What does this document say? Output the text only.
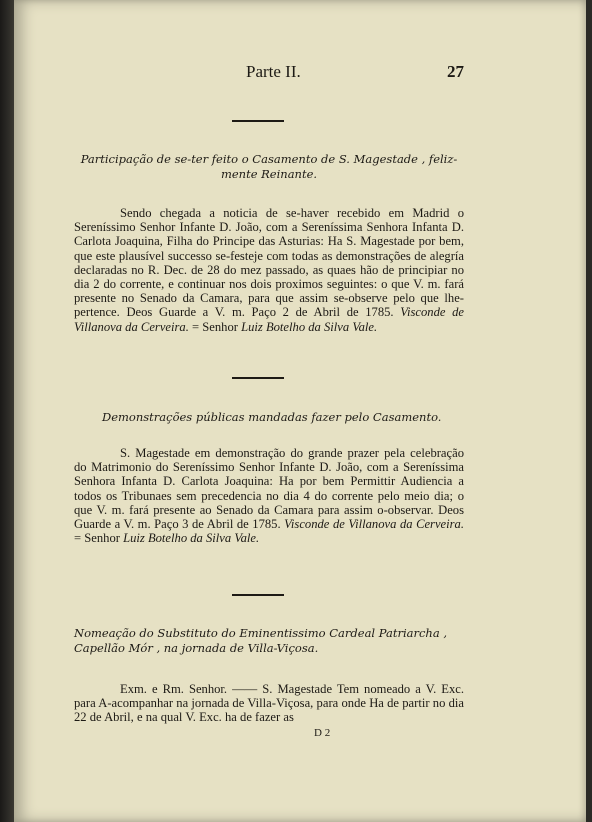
Parte II.	27
Participação de se-ter feito o Casamento de S. Magestade , feliz-mente Reinante.
Sendo chegada a noticia de se-haver recebido em Madrid o Sereníssimo Senhor Infante D. João, com a Sereníssima Senhora Infanta D. Carlota Joaquina, Filha do Principe das Asturias: Ha S. Magestade por bem, que este plausível successo se-festeje com todas as demonstrações de alegría declaradas no R. Dec. de 28 do mez passado, as quaes hão de principiar no dia 2 do corrente, e continuar nos dois proximos seguintes: o que V. m. fará presente no Senado da Camara, para que assim se-observe pelo que lhe-pertence. Deos Guarde a V. m. Paço 2 de Abril de 1785. Visconde de Villanova da Cerveira. = Senhor Luiz Botelho da Silva Vale.
Demonstrações públicas mandadas fazer pelo Casamento.
S. Magestade em demonstração do grande prazer pela celebração do Matrimonio do Sereníssimo Senhor Infante D. João, com a Sereníssima Senhora Infanta D. Carlota Joaquina: Ha por bem Permittir Audiencia a todos os Tribunaes sem precedencia no dia 4 do corrente pelo meio dia; o que V. m. fará presente ao Senado da Camara para assim o-observar. Deos Guarde a V. m. Paço 3 de Abril de 1785. Visconde de Villanova da Cerveira. = Senhor Luiz Botelho da Silva Vale.
Nomeação do Substituto do Eminentissimo Cardeal Patriarcha , Capellão Mór , na jornada de Villa-Viçosa.
Exm. e Rm. Senhor. —— S. Magestade Tem nomeado a V. Exc. para A-acompanhar na jornada de Villa-Viçosa, para onde Ha de partir no dia 22 de Abril, e na qual V. Exc. ha de fazer as
D 2
